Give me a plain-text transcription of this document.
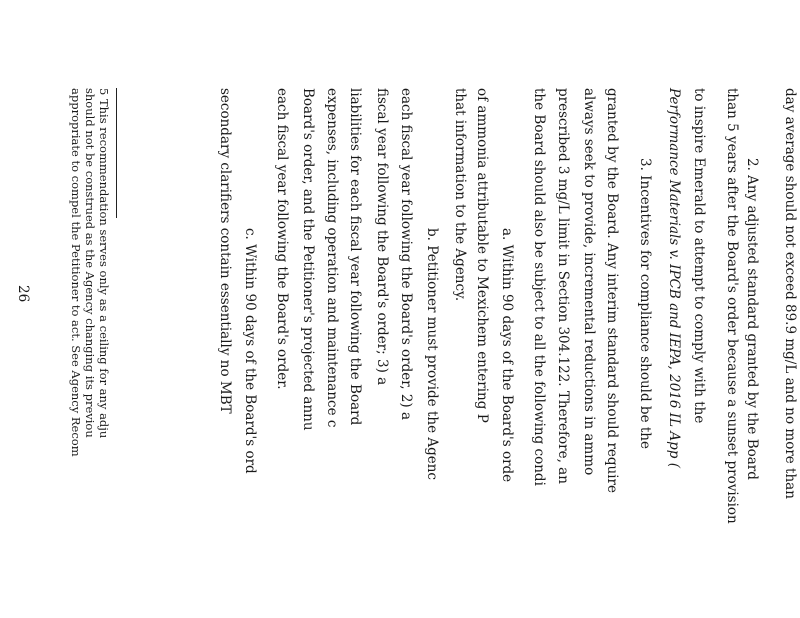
day average should not exceed 89.9 mg/L and no more than
2. Any adjusted standard granted by the Board
than 5 years after the Board's order because a sunset provision
to inspire Emerald to attempt to comply with the
Performance Materials v. IPCB and IEPA, 2016 IL App (
3. Incentives for compliance should be the
granted by the Board. Any interim standard should require
always seek to provide, incremental reductions in ammo
prescribed 3 mg/L limit in Section 304.122. Therefore, an
the Board should also be subject to all the following condi
a. Within 90 days of the Board's orde
of ammonia attributable to Mexichem entering P
that information to the Agency.
b. Petitioner must provide the Agenc
each fiscal year following the Board's order, 2) a
fiscal year following the Board's order; 3) a
liabilities for each fiscal year following the Board
expenses, including operation and maintenance c
Board's order, and the Petitioner's projected annu
each fiscal year following the Board's order.
c. Within 90 days of the Board's ord
secondary clarifiers contain essentially no MBT
5 This recommendation serves only as a ceiling for any adju
should not be construed as the Agency changing its previou
appropriate to compel the Petitioner to act. See Agency Recom
26
